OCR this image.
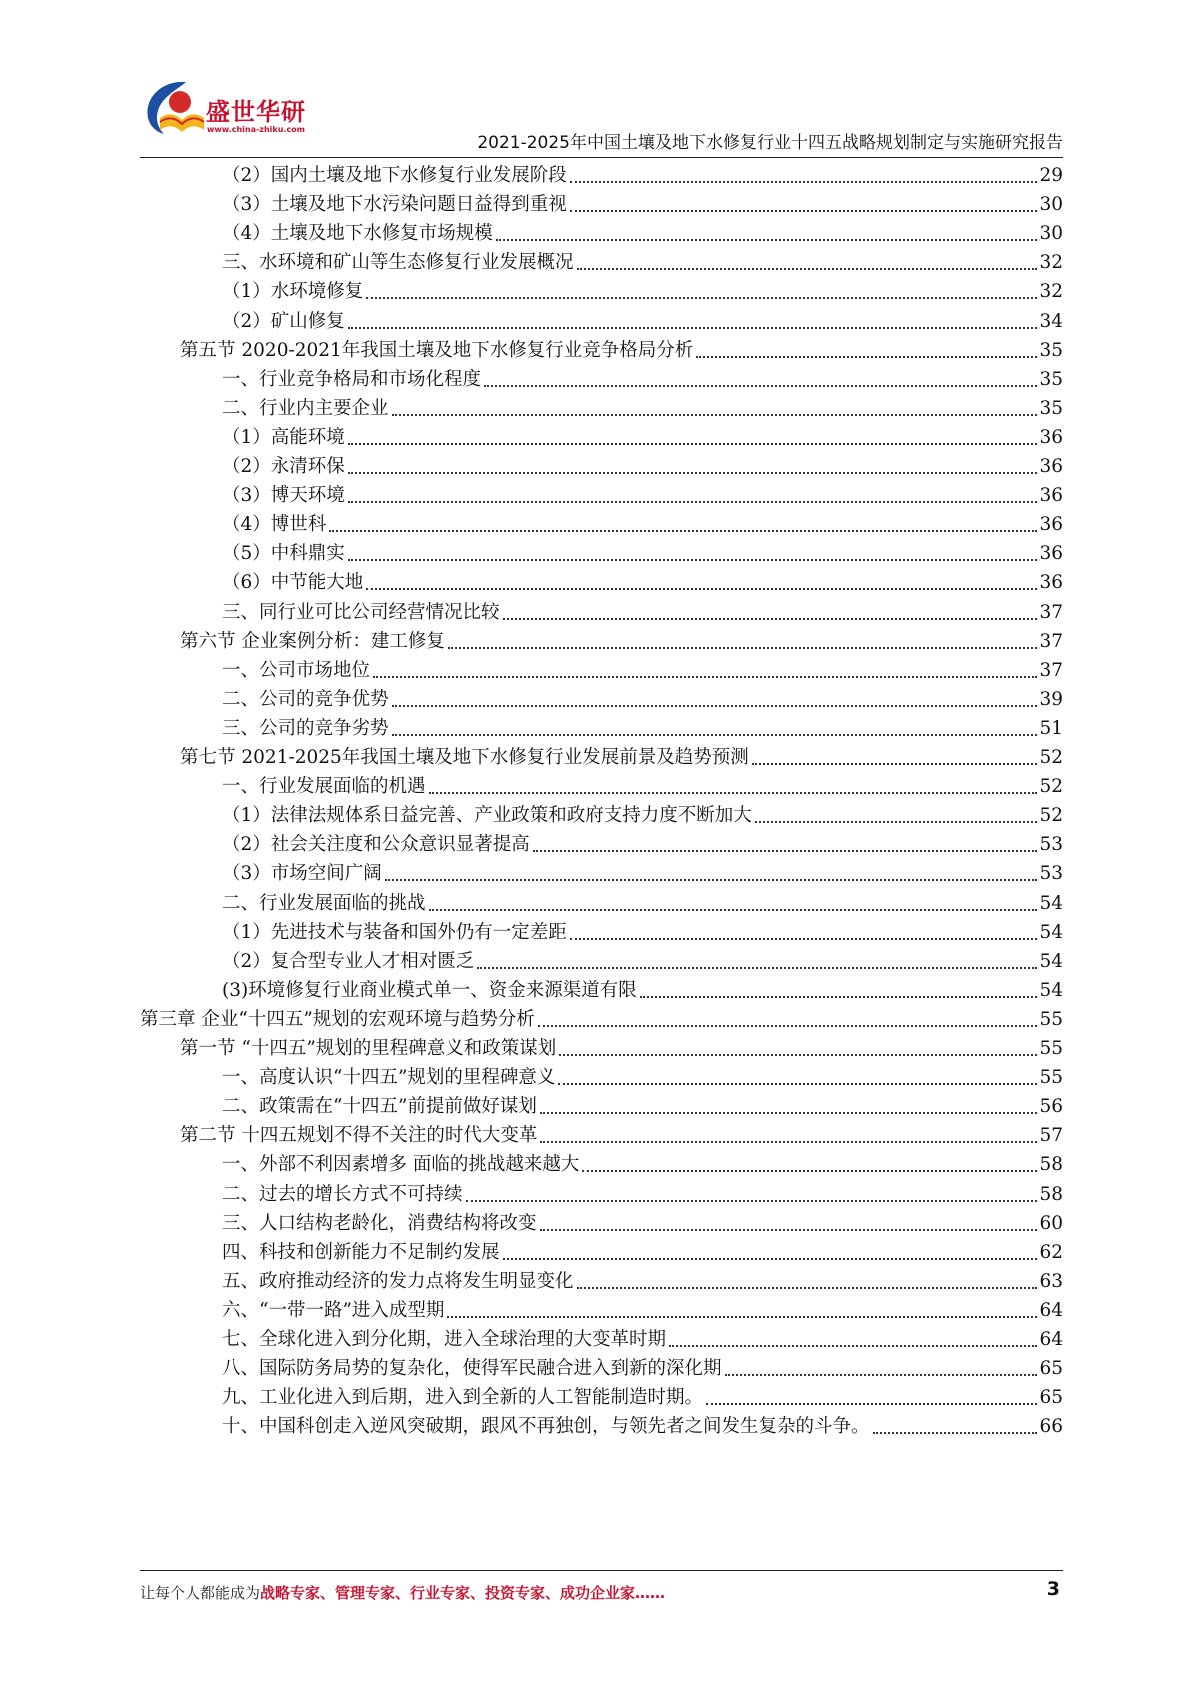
盛世华研
www.china-zhiku.com
2021-2025年中国土壤及地下水修复行业十四五战略规划制定与实施研究报告
（2）国内土壤及地下水修复行业发展阶段	29
（3）土壤及地下水污染问题日益得到重视	30
（4）土壤及地下水修复市场规模	30
三、水环境和矿山等生态修复行业发展概况	32
（1）水环境修复	32
（2）矿山修复	34
第五节 2020-2021年我国土壤及地下水修复行业竞争格局分析	35
一、行业竞争格局和市场化程度	35
二、行业内主要企业	35
（1）高能环境	36
（2）永清环保	36
（3）博天环境	36
（4）博世科	36
（5）中科鼎实	36
（6）中节能大地	36
三、同行业可比公司经营情况比较	37
第六节 企业案例分析：建工修复	37
一、公司市场地位	37
二、公司的竞争优势	39
三、公司的竞争劣势	51
第七节 2021-2025年我国土壤及地下水修复行业发展前景及趋势预测	52
一、行业发展面临的机遇	52
（1）法律法规体系日益完善、产业政策和政府支持力度不断加大	52
（2）社会关注度和公众意识显著提高	53
（3）市场空间广阔	53
二、行业发展面临的挑战	54
（1）先进技术与装备和国外仍有一定差距	54
（2）复合型专业人才相对匮乏	54
(3)环境修复行业商业模式单一、资金来源渠道有限	54
第三章 企业“十四五”规划的宏观环境与趋势分析	55
第一节 “十四五”规划的里程碑意义和政策谋划	55
一、高度认识“十四五”规划的里程碑意义	55
二、政策需在“十四五”前提前做好谋划	56
第二节 十四五规划不得不关注的时代大变革	57
一、外部不利因素增多 面临的挑战越来越大	58
二、过去的增长方式不可持续	58
三、人口结构老龄化，消费结构将改变	60
四、科技和创新能力不足制约发展	62
五、政府推动经济的发力点将发生明显变化	63
六、“一带一路”进入成型期	64
七、全球化进入到分化期，进入全球治理的大变革时期	64
八、国际防务局势的复杂化，使得军民融合进入到新的深化期	65
九、工业化进入到后期，进入到全新的人工智能制造时期。	65
十、中国科创走入逆风突破期，跟风不再独创，与领先者之间发生复杂的斗争。	66
让每个人都能成为战略专家、管理专家、行业专家、投资专家、成功企业家……	3
